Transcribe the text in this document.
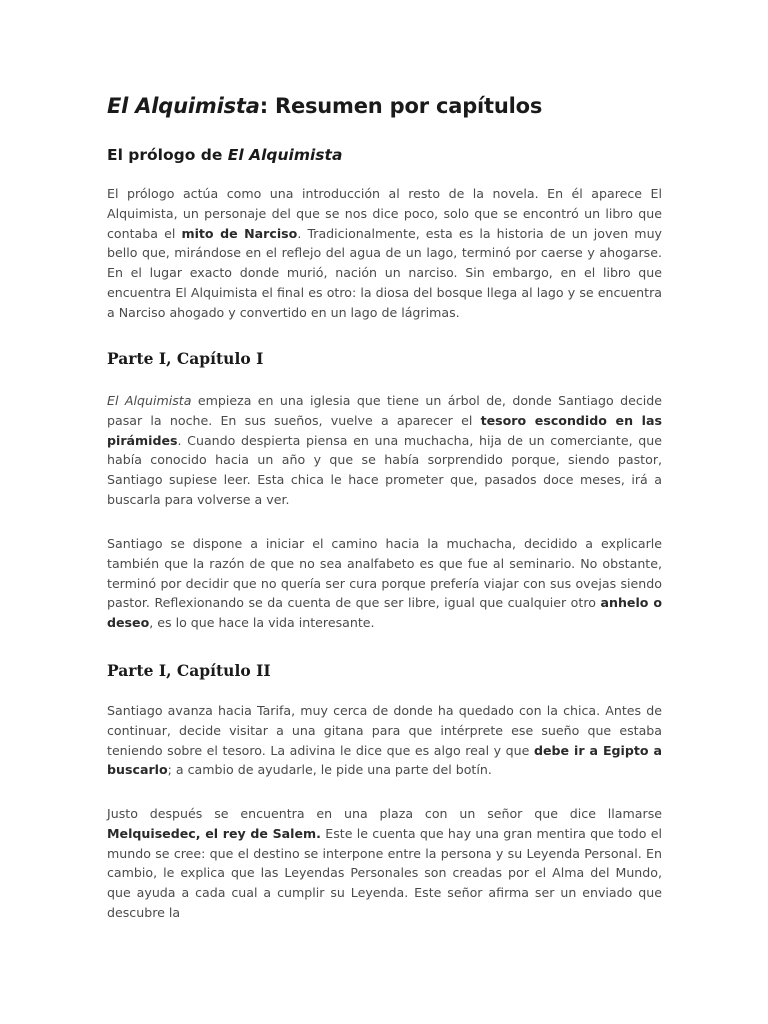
El Alquimista: Resumen por capítulos
El prólogo de El Alquimista

El prólogo actúa como una introducción al resto de la novela. En él aparece El Alquimista, un personaje del que se nos dice poco, solo que se encontró un libro que contaba el mito de Narciso. Tradicionalmente, esta es la historia de un joven muy bello que, mirándose en el reflejo del agua de un lago, terminó por caerse y ahogarse. En el lugar exacto donde murió, nación un narciso. Sin embargo, en el libro que encuentra El Alquimista el final es otro: la diosa del bosque llega al lago y se encuentra a Narciso ahogado y convertido en un lago de lágrimas.

Parte I, Capítulo I

El Alquimista empieza en una iglesia que tiene un árbol de, donde Santiago decide pasar la noche. En sus sueños, vuelve a aparecer el tesoro escondido en las pirámides. Cuando despierta piensa en una muchacha, hija de un comerciante, que había conocido hacia un año y que se había sorprendido porque, siendo pastor, Santiago supiese leer. Esta chica le hace prometer que, pasados doce meses, irá a buscarla para volverse a ver.

Santiago se dispone a iniciar el camino hacia la muchacha, decidido a explicarle también que la razón de que no sea analfabeto es que fue al seminario. No obstante, terminó por decidir que no quería ser cura porque prefería viajar con sus ovejas siendo pastor. Reflexionando se da cuenta de que ser libre, igual que cualquier otro anhelo o deseo, es lo que hace la vida interesante.

Parte I, Capítulo II

Santiago avanza hacia Tarifa, muy cerca de donde ha quedado con la chica. Antes de continuar, decide visitar a una gitana para que intérprete ese sueño que estaba teniendo sobre el tesoro. La adivina le dice que es algo real y que debe ir a Egipto a buscarlo; a cambio de ayudarle, le pide una parte del botín.

Justo después se encuentra en una plaza con un señor que dice llamarse Melquisedec, el rey de Salem. Este le cuenta que hay una gran mentira que todo el mundo se cree: que el destino se interpone entre la persona y su Leyenda Personal. En cambio, le explica que las Leyendas Personales son creadas por el Alma del Mundo, que ayuda a cada cual a cumplir su Leyenda. Este señor afirma ser un enviado que descubre la
